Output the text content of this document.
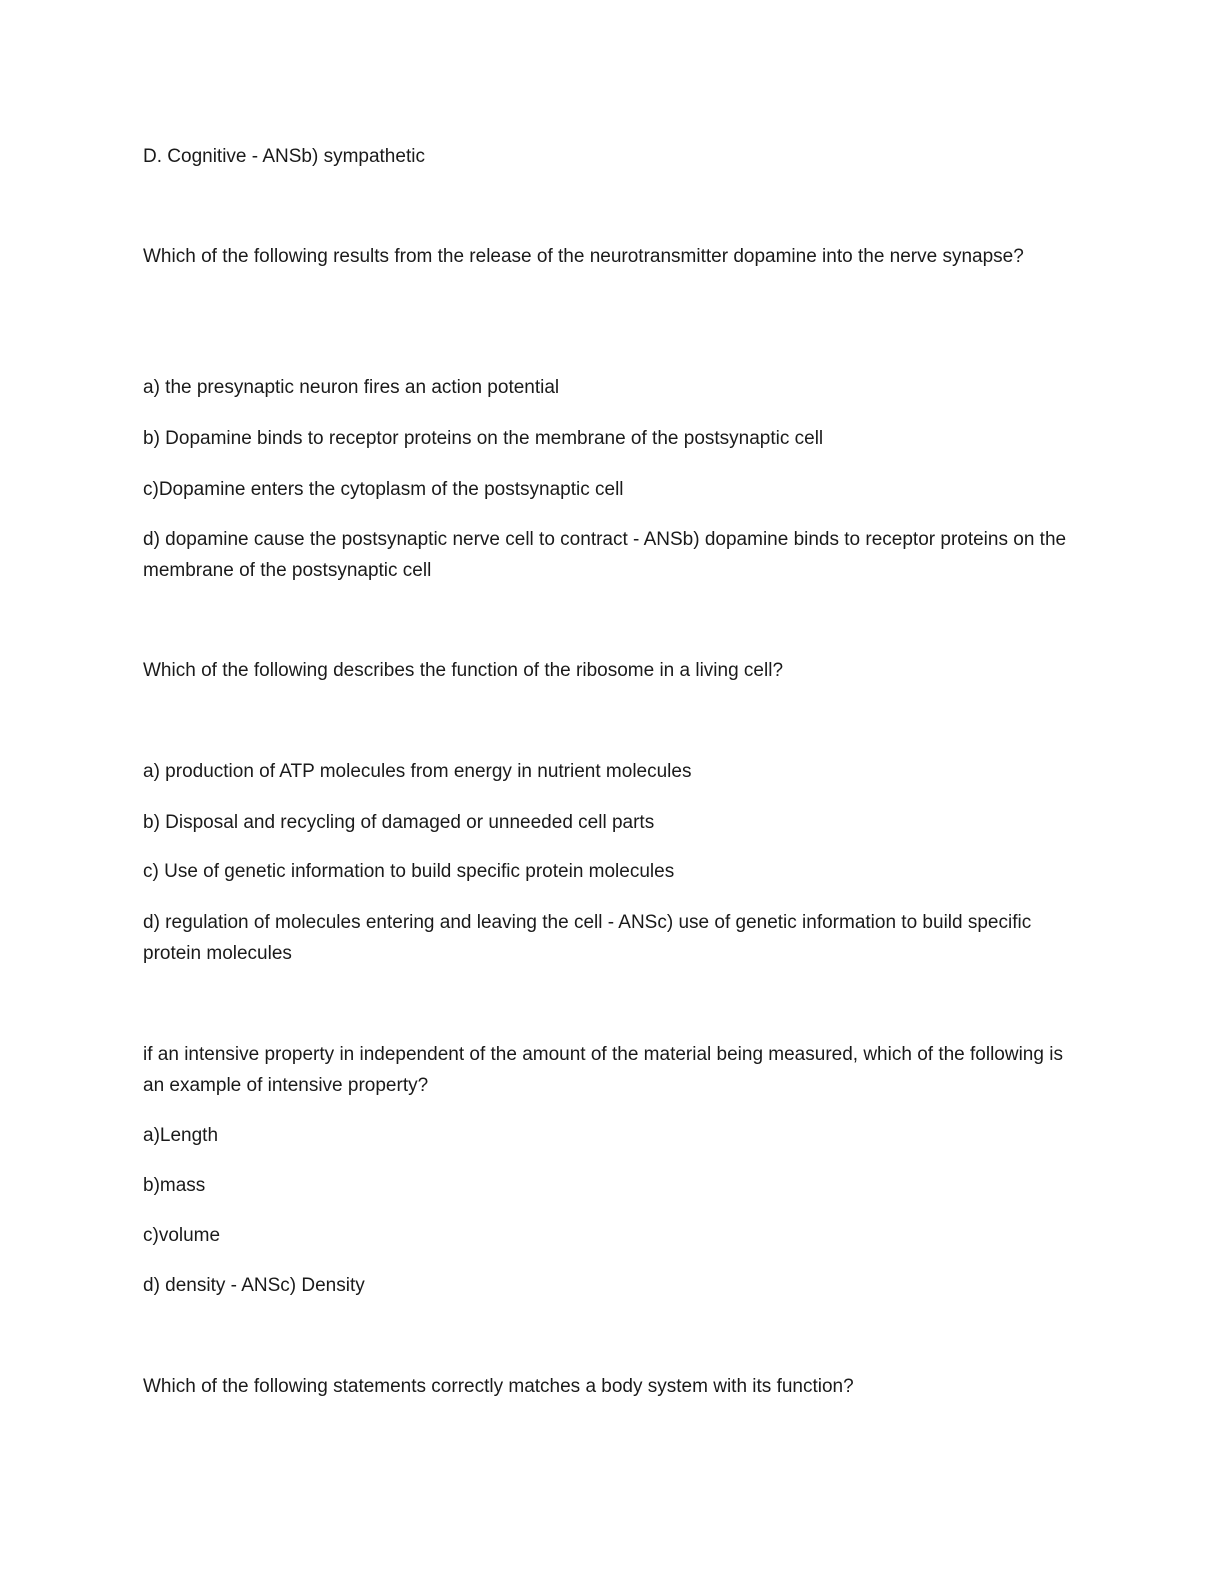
D. Cognitive - ANSb) sympathetic
Which of the following results from the release of the neurotransmitter dopamine into the nerve synapse?
a) the presynaptic neuron fires an action potential
b) Dopamine binds to receptor proteins on the membrane of the postsynaptic cell
c)Dopamine enters the cytoplasm of the postsynaptic cell
d) dopamine cause the postsynaptic nerve cell to contract - ANSb) dopamine binds to receptor proteins on the membrane of the postsynaptic cell
Which of the following describes the function of the ribosome in a living cell?
a) production of ATP molecules from energy in nutrient molecules
b) Disposal and recycling of damaged or unneeded cell parts
c) Use of genetic information to build specific protein molecules
d) regulation of molecules entering and leaving the cell - ANSc) use of genetic information to build specific protein molecules
if an intensive property in independent of the amount of the material being measured, which of the following is an example of intensive property?
a)Length
b)mass
c)volume
d) density - ANSc) Density
Which of the following statements correctly matches a body system with its function?
